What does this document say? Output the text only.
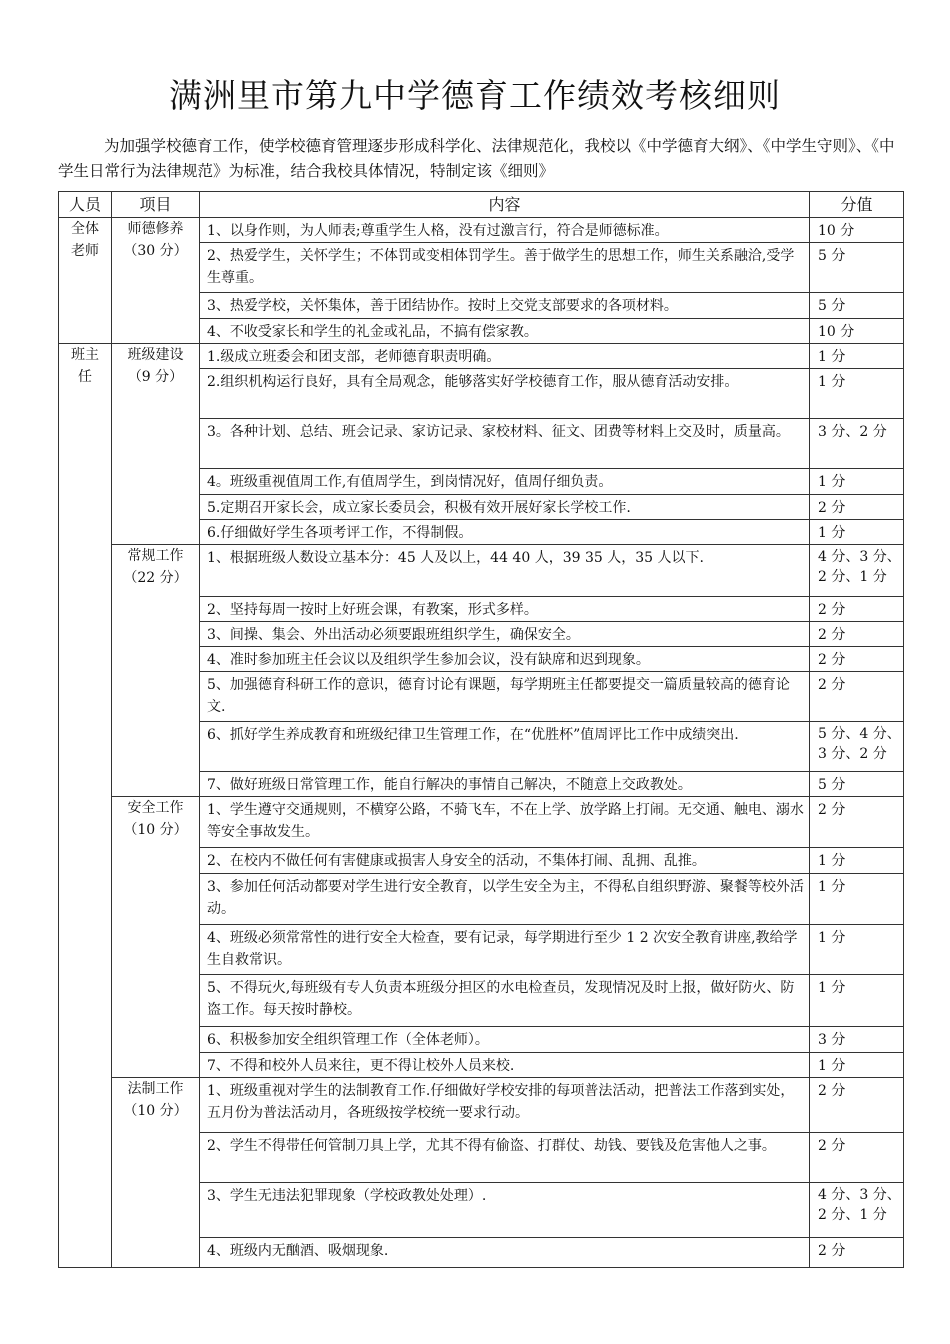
满洲里市第九中学德育工作绩效考核细则

为加强学校德育工作，使学校德育管理逐步形成科学化、法律规范化，我校以《中学德育大纲》、《中学生守则》、《中学生日常行为法律规范》为标准，结合我校具体情况，特制定该《细则》

人员	项目	内容	分值
全体老师	师德修养（30 分）	1、以身作则，为人师表;尊重学生人格，没有过激言行，符合是师德标准。	10 分
		2、热爱学生，关怀学生；不体罚或变相体罚学生。善于做学生的思想工作，师生关系融洽,受学生尊重。	5 分
		3、热爱学校，关怀集体，善于团结协作。按时上交党支部要求的各项材料。	5 分
		4、不收受家长和学生的礼金或礼品，不搞有偿家教。	10 分
班主任	班级建设（9 分）	1.级成立班委会和团支部，老师德育职责明确。	1 分
		2.组织机构运行良好，具有全局观念，能够落实好学校德育工作，服从德育活动安排。	1 分
		3。各种计划、总结、班会记录、家访记录、家校材料、征文、团费等材料上交及时，质量高。	3 分、2 分
		4。班级重视值周工作,有值周学生，到岗情况好，值周仔细负责。	1 分
		5.定期召开家长会，成立家长委员会，积极有效开展好家长学校工作.	2 分
		6.仔细做好学生各项考评工作，不得制假。	1 分
	常规工作（22 分）	1、根据班级人数设立基本分：45 人及以上，44 40 人，39 35 人，35 人以下.	4 分、3 分、2 分、1 分

		2、坚持每周一按时上好班会课，有教案，形式多样。	2 分
		3、间操、集会、外出活动必须要跟班组织学生，确保安全。	2 分
		4、准时参加班主任会议以及组织学生参加会议，没有缺席和迟到现象。	2 分
		5、加强德育科研工作的意识，德育讨论有课题，每学期班主任都要提交一篇质量较高的德育论文.	2 分
		6、抓好学生养成教育和班级纪律卫生管理工作，在“优胜杯”值周评比工作中成绩突出.	5 分、4 分、3 分、2 分

		7、做好班级日常管理工作，能自行解决的事情自己解决，不随意上交政教处。	5 分
	安全工作（10 分）	1、学生遵守交通规则，不横穿公路，不骑飞车，不在上学、放学路上打闹。无交通、触电、溺水等安全事故发生。	2 分
		2、在校内不做任何有害健康或损害人身安全的活动，不集体打闹、乱拥、乱推。	1 分
		3、参加任何活动都要对学生进行安全教育，以学生安全为主，不得私自组织野游、聚餐等校外活动。	1 分
		4、班级必须常常性的进行安全大检查，要有记录，每学期进行至少 1 2 次安全教育讲座,教给学生自救常识。	1 分
		5、不得玩火,每班级有专人负责本班级分担区的水电检查员，发现情况及时上报，做好防火、防盗工作。每天按时静校。	1 分
		6、积极参加安全组织管理工作（全体老师）。	3 分
		7、不得和校外人员来往，更不得让校外人员来校.	1 分
	法制工作（10 分）	1、班级重视对学生的法制教育工作.仔细做好学校安排的每项普法活动，把普法工作落到实处，五月份为普法活动月，各班级按学校统一要求行动。	2 分
		2、学生不得带任何管制刀具上学，尤其不得有偷盗、打群仗、劫钱、要钱及危害他人之事。	2 分
		3、学生无违法犯罪现象（学校政教处处理）.	4 分、3 分、2 分、1 分

		4、班级内无酗酒、吸烟现象.	2 分
